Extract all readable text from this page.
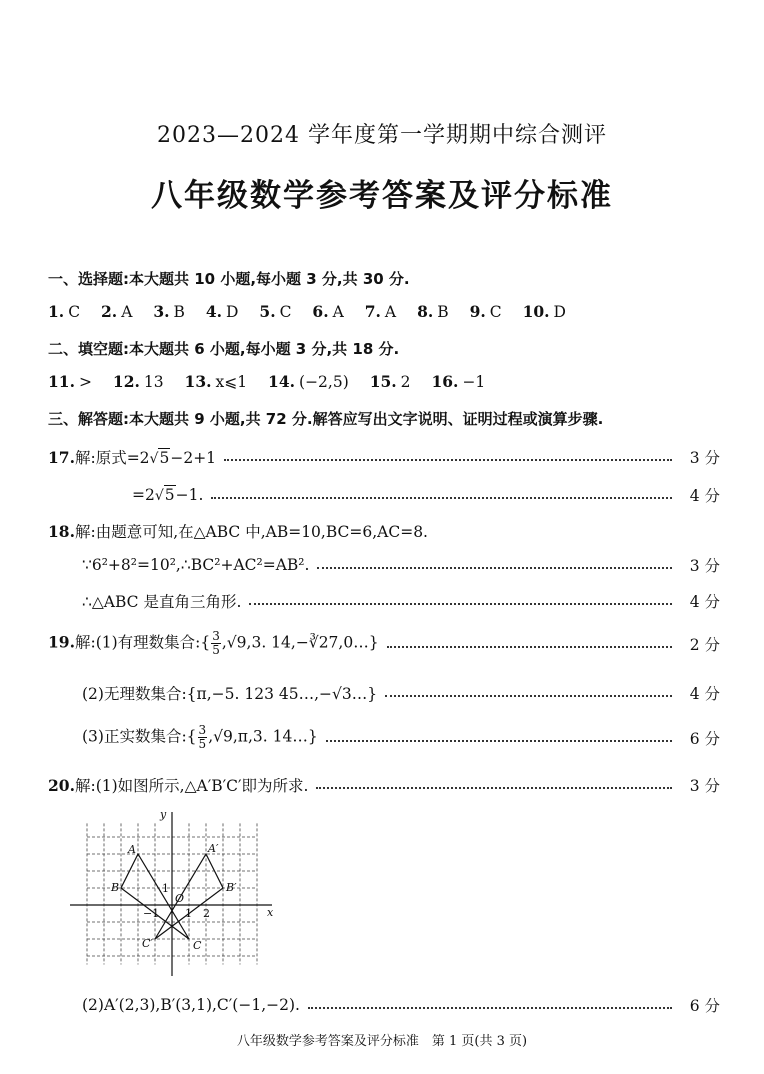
2023—2024 学年度第一学期期中综合测评
八年级数学参考答案及评分标准
一、选择题:本大题共 10 小题,每小题 3 分,共 30 分.
1. C 2. A 3. B 4. D 5. C 6. A 7. A 8. B 9. C 10. D
二、填空题:本大题共 6 小题,每小题 3 分,共 18 分.
11. > 12. 13 13. x⩽1 14. (−2,5) 15. 2 16. −1
三、解答题:本大题共 9 小题,共 72 分.解答应写出文字说明、证明过程或演算步骤.
17.解:原式=2√5−2+1	3 分
=2√5−1.	4 分
18.解:由题意可知,在△ABC 中,AB=10,BC=6,AC=8.
∵6²+8²=10²,∴BC²+AC²=AB².	3 分
∴△ABC 是直角三角形.	4 分
19.解:(1)有理数集合:{ $\frac{3}{5} ,√9,3$. 14,−∛27,0…}	2 分
(2)无理数集合:{π,−5. 123 45…,−√3…}	4 分
(3)正实数集合:{ $\frac{3}{5} ,√9,\pi,3$. 14…}	6 分
20.解:(1)如图所示,△A′B′C′即为所求.	3 分
y
x
A
B
C
A′
B′
C′
O
1
−1 1 2
(2)A′(2,3),B′(3,1),C′(−1,−2).	6 分
八年级数学参考答案及评分标准　第 1 页(共 3 页)
